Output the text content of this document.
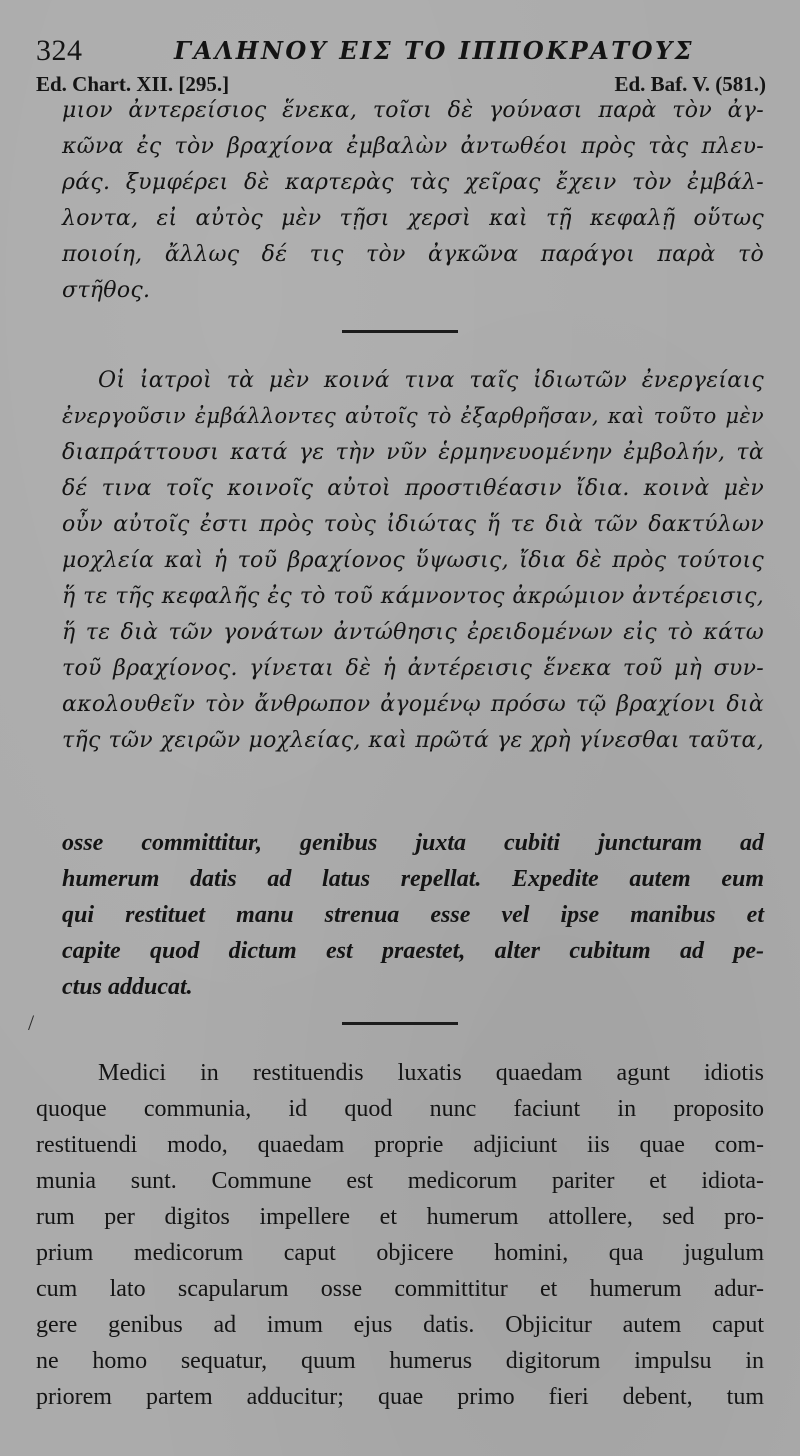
324	ΓΑΛΗΝΟΥ ΕΙΣ ΤΟ ΙΠΠΟΚΡΑΤΟΥΣ
Ed. Chart. XII. [295.]	Ed. Baf. V. (581.)
μιον ἀντερείσιος ἕνεκα, τοῖσι δὲ γούνασι παρὰ τὸν ἀγ-
κῶνα ἐς τὸν βραχίονα ἐμβαλὼν ἀντωθέοι πρὸς τὰς πλευ-
ράς. ξυμφέρει δὲ καρτερὰς τὰς χεῖρας ἔχειν τὸν ἐμβάλ-
λοντα, εἰ αὐτὸς μὲν τῇσι χερσὶ καὶ τῇ κεφαλῇ οὕτως
ποιοίη, ἄλλως δέ τις τὸν ἀγκῶνα παράγοι παρὰ τὸ
στῆθος.
Οἱ ἰατροὶ τὰ μὲν κοινά τινα ταῖς ἰδιωτῶν ἐνεργείαις
ἐνεργοῦσιν ἐμβάλλοντες αὐτοῖς τὸ ἐξαρθρῆσαν, καὶ τοῦτο μὲν
διαπράττουσι κατά γε τὴν νῦν ἑρμηνευομένην ἐμβολήν, τὰ
δέ τινα τοῖς κοινοῖς αὐτοὶ προστιθέασιν ἴδια. κοινὰ μὲν
οὖν αὐτοῖς ἐστι πρὸς τοὺς ἰδιώτας ἥ τε διὰ τῶν δακτύλων
μοχλεία καὶ ἡ τοῦ βραχίονος ὕψωσις, ἴδια δὲ πρὸς τούτοις
ἥ τε τῆς κεφαλῆς ἐς τὸ τοῦ κάμνοντος ἀκρώμιον ἀντέρεισις,
ἥ τε διὰ τῶν γονάτων ἀντώθησις ἐρειδομένων εἰς τὸ κάτω
τοῦ βραχίονος. γίνεται δὲ ἡ ἀντέρεισις ἕνεκα τοῦ μὴ συν-
ακολουθεῖν τὸν ἄνθρωπον ἀγομένῳ πρόσω τῷ βραχίονι διὰ
τῆς τῶν χειρῶν μοχλείας, καὶ πρῶτά γε χρὴ γίνεσθαι ταῦτα,
osse committitur, genibus juxta cubiti juncturam ad
humerum datis ad latus repellat. Expedite autem eum
qui restituet manu strenua esse vel ipse manibus et
capite quod dictum est praestet, alter cubitum ad pe-
ctus adducat.
/
Medici in restituendis luxatis quaedam agunt idiotis
quoque communia, id quod nunc faciunt in proposito
restituendi modo, quaedam proprie adjiciunt iis quae com-
munia sunt. Commune est medicorum pariter et idiota-
rum per digitos impellere et humerum attollere, sed pro-
prium medicorum caput objicere homini, qua jugulum
cum lato scapularum osse committitur et humerum adur-
gere genibus ad imum ejus datis. Objicitur autem caput
ne homo sequatur, quum humerus digitorum impulsu in
priorem partem adducitur; quae primo fieri debent, tum
